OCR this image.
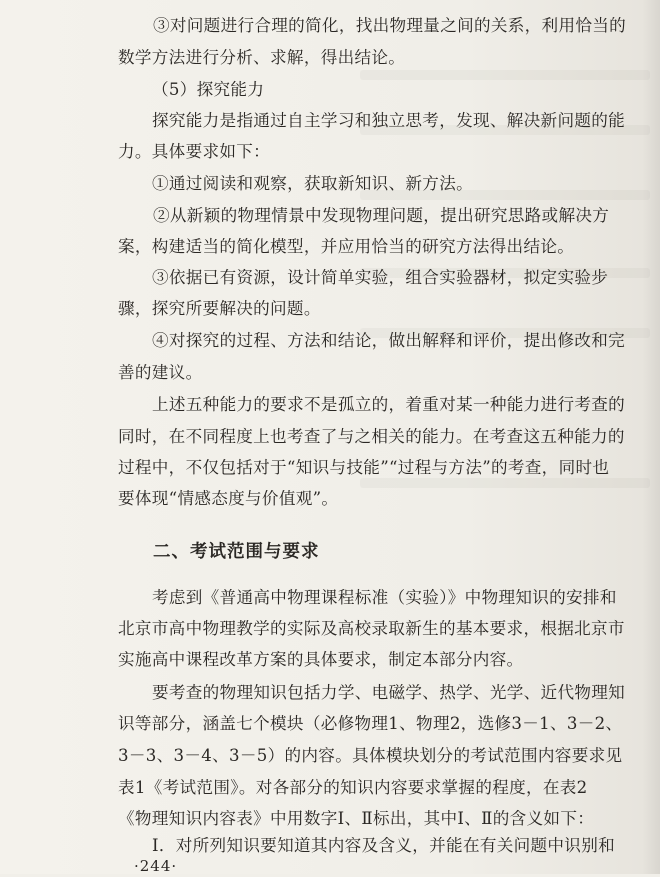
③对问题进行合理的简化，找出物理量之间的关系，利用恰当的
数学方法进行分析、求解，得出结论。
（5）探究能力
探究能力是指通过自主学习和独立思考，发现、解决新问题的能
力。具体要求如下：
①通过阅读和观察，获取新知识、新方法。
②从新颖的物理情景中发现物理问题，提出研究思路或解决方
案，构建适当的简化模型，并应用恰当的研究方法得出结论。
③依据已有资源，设计简单实验，组合实验器材，拟定实验步
骤，探究所要解决的问题。
④对探究的过程、方法和结论，做出解释和评价，提出修改和完
善的建议。
上述五种能力的要求不是孤立的，着重对某一种能力进行考查的
同时，在不同程度上也考查了与之相关的能力。在考查这五种能力的
过程中，不仅包括对于“知识与技能”“过程与方法”的考查，同时也
要体现“情感态度与价值观”。
二、考试范围与要求
考虑到《普通高中物理课程标准（实验）》中物理知识的安排和
北京市高中物理教学的实际及高校录取新生的基本要求，根据北京市
实施高中课程改革方案的具体要求，制定本部分内容。
要考查的物理知识包括力学、电磁学、热学、光学、近代物理知
识等部分，涵盖七个模块（必修物理1、物理2，选修3－1、3－2、
3－3、3－4、3－5）的内容。具体模块划分的考试范围内容要求见
表1《考试范围》。对各部分的知识内容要求掌握的程度，在表2
《物理知识内容表》中用数字Ⅰ、Ⅱ标出，其中Ⅰ、Ⅱ的含义如下：
Ⅰ．对所列知识要知道其内容及含义，并能在有关问题中识别和
·244·
